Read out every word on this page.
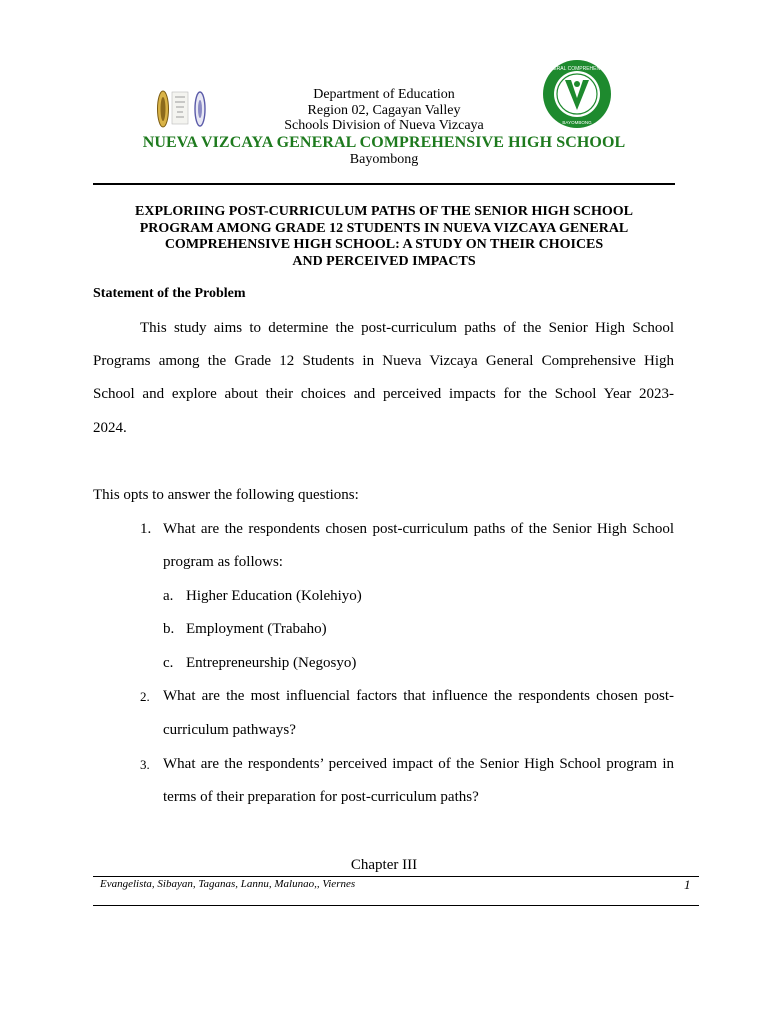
GENERAL COMPREHENSIVE
BAYOMBONG
Department of Education
Region 02, Cagayan Valley
Schools Division of Nueva Vizcaya
NUEVA VIZCAYA GENERAL COMPREHENSIVE HIGH SCHOOL
Bayombong
EXPLORIING POST-CURRICULUM PATHS OF THE SENIOR HIGH SCHOOL
PROGRAM AMONG GRADE 12 STUDENTS IN NUEVA VIZCAYA GENERAL
COMPREHENSIVE HIGH SCHOOL: A STUDY ON THEIR CHOICES
AND PERCEIVED IMPACTS
Statement of the Problem
This study aims to determine the post-curriculum paths of the Senior High School
Programs among the Grade 12 Students in Nueva Vizcaya General Comprehensive High
School and explore about their choices and perceived impacts for the School Year 2023-
2024.
This opts to answer the following questions:
1. What are the respondents chosen post-curriculum paths of the Senior High School
program as follows:
a. Higher Education (Kolehiyo)
b. Employment (Trabaho)
c. Entrepreneurship (Negosyo)
2. What are the most influencial factors that influence the respondents chosen post-
curriculum pathways?
3. What are the respondents’ perceived impact of the Senior High School program in
terms of their preparation for post-curriculum paths?
Chapter III
Evangelista, Sibayan, Taganas, Lannu, Malunao,, Viernes	1
